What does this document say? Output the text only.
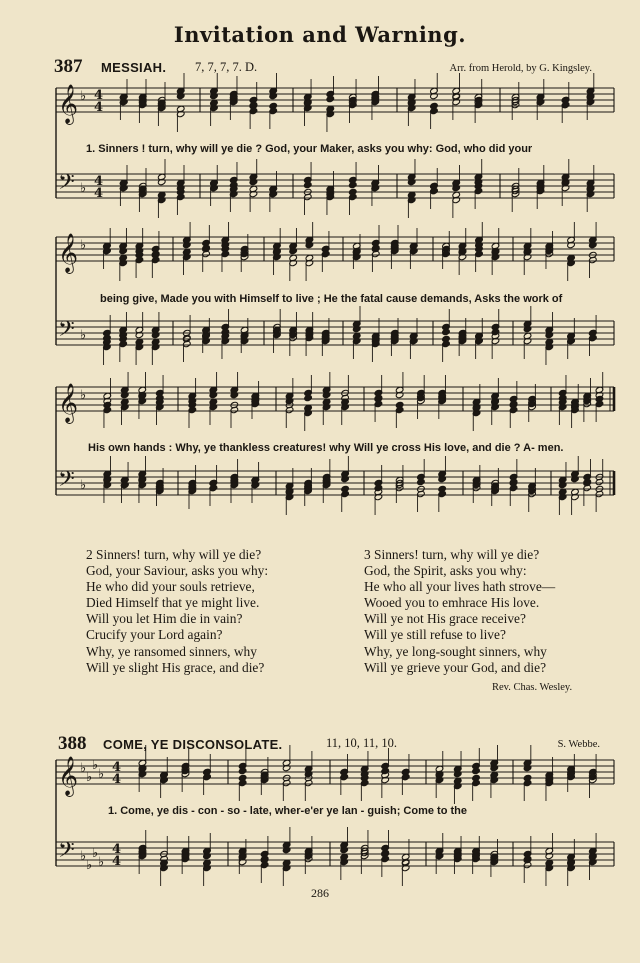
Invitation and Warning.
387 MESSIAH. 7, 7, 7, 7. D.	Arr. from Herold, by G. Kingsley.
𝄞
𝄢
♭
♭
4
4
4
4
𝄞
𝄢
♭
♭
𝄞
𝄢
♭
♭
𝄞
𝄢
♭
♭
♭
♭
♭
♭
♭
♭
4
4
4
4
1. Sinners ! turn, why will ye die ? God, your Maker, asks you why: God, who did your
being give, Made you with Himself to live ; He the fatal cause demands, Asks the work of
His own hands : Why, ye thankless creatures! why Will ye cross His love, and die ? A- men.
2 Sinners! turn, why will ye die?
God, your Saviour, asks you why:
He who did your souls retrieve,
Died Himself that ye might live.
Will you let Him die in vain?
Crucify your Lord again?
Why, ye ransomed sinners, why
Will ye slight His grace, and die?
3 Sinners! turn, why will ye die?
God, the Spirit, asks you why:
He who all your lives hath strove—
Wooed you to emhrace His love.
Will ye not His grace receive?
Will ye still refuse to live?
Why, ye long-sought sinners, why
Will ye grieve your God, and die?
Rev. Chas. Wesley.
388 COME, YE DISCONSOLATE.	11, 10, 11, 10.	S. Webbe.
1. Come, ye dis - con - so - late, wher-e'er ye lan - guish; Come to the
286
